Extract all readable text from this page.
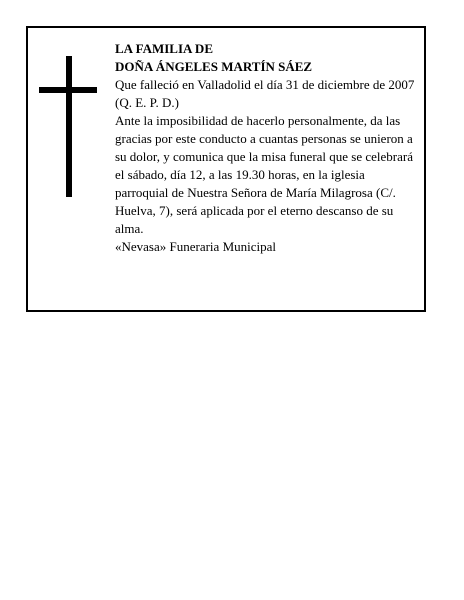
LA FAMILIA DE
DOÑA ÁNGELES MARTÍN SÁEZ
Que falleció en Valladolid el día 31 de diciembre de 2007
(Q. E. P. D.)
Ante la imposibilidad de hacerlo personalmente, da las gracias por este conducto a cuantas personas se unieron a su dolor, y comunica que la misa funeral que se celebrará el sábado, día 12, a las 19.30 horas, en la iglesia parroquial de Nuestra Señora de María Milagrosa (C/. Huelva, 7), será aplicada por el eterno descanso de su alma.
«Nevasa» Funeraria Municipal
